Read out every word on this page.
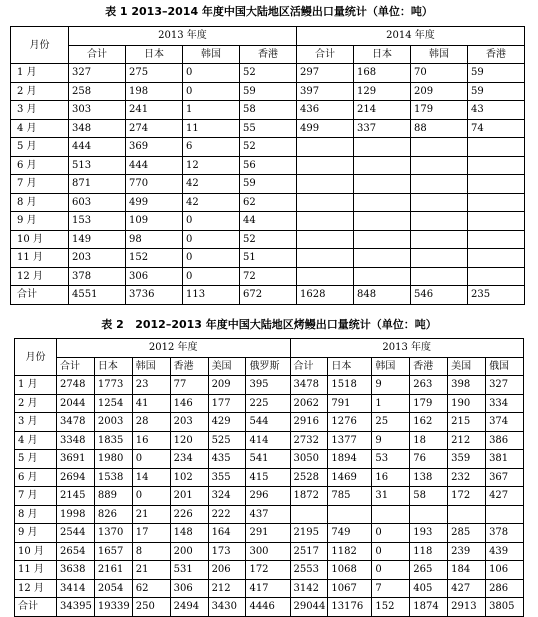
表 1 2013–2014 年度中国大陆地区活鳗出口量统计（单位：吨）
月份	2013 年度				2014 年度			
	合计	日本	韩国	香港	合计	日本	韩国	香港
1 月	327	275	0	52	297	168	70	59
2 月	258	198	0	59	397	129	209	59
3 月	303	241	1	58	436	214	179	43
4 月	348	274	11	55	499	337	88	74
5 月	444	369	6	52				
6 月	513	444	12	56				
7 月	871	770	42	59				
8 月	603	499	42	62				
9 月	153	109	0	44				
10 月	149	98	0	52				
11 月	203	152	0	51				
12 月	378	306	0	72				
合计	4551	3736	113	672	1628	848	546	235
表 2   2012–2013 年度中国大陆地区烤鳗出口量统计（单位：吨）
月份	2012 年度						2013 年度					
	合计	日本	韩国	香港	美国	俄罗斯	合计	日本	韩国	香港	美国	俄国
1 月	2748	1773	23	77	209	395	3478	1518	9	263	398	327
2 月	2044	1254	41	146	177	225	2062	791	1	179	190	334
3 月	3478	2003	28	203	429	544	2916	1276	25	162	215	374
4 月	3348	1835	16	120	525	414	2732	1377	9	18	212	386
5 月	3691	1980	0	234	435	541	3050	1894	53	76	359	381
6 月	2694	1538	14	102	355	415	2528	1469	16	138	232	367
7 月	2145	889	0	201	324	296	1872	785	31	58	172	427
8 月	1998	826	21	226	222	437						
9 月	2544	1370	17	148	164	291	2195	749	0	193	285	378
10 月	2654	1657	8	200	173	300	2517	1182	0	118	239	439
11 月	3638	2161	21	531	206	172	2553	1068	0	265	184	106
12 月	3414	2054	62	306	212	417	3142	1067	7	405	427	286
合计	34395	19339	250	2494	3430	4446	29044	13176	152	1874	2913	3805
